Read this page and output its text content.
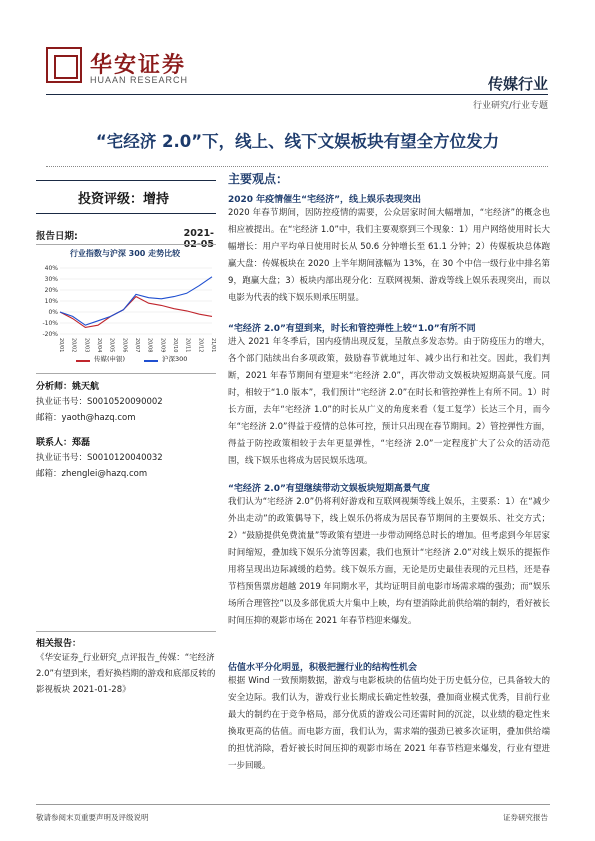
华安证券
HUAAN RESEARCH	传媒行业
行业研究/行业专题
“宅经济 2.0”下，线上、线下文娱板块有望全方位发力
投资评级：增持
报告日期:	2021-
行业指数与沪深 300 走势比较
40%
30%
20%
10%
0%
-10%
-20%
20/01 20/02 20/03 20/04 20/05 20/06 20/07 20/08 20/09 20/10 20/11 20/12 21/01
传媒(申银)	沪深300
分析师：姚天航
执业证书号：S0010520090002
邮箱：yaoth@hazq.com
联系人：郑磊
执业证书号：S0010120040032
邮箱：zhenglei@hazq.com
相关报告：
《华安证券_行业研究_点评报告_传媒：“宅经济 2.0”有望到来，看好换档期的游戏和底部反转的影视板块 2021-01-28》
主要观点：
2020 年疫情催生“宅经济”，线上娱乐表现突出
2020 年春节期间，因防控疫情的需要，公众居家时间大幅增加，“宅经济”的概念也相应被提出。在“宅经济 1.0”中，我们主要观察到三个现象：1）用户网络使用时长大幅增长：用户平均单日使用时长从 50.6 分钟增长至 61.1 分钟；2）传媒板块总体跑赢大盘：传媒板块在 2020 上半年期间涨幅为 13%，在 30 个中信一级行业中排名第 9，跑赢大盘；3）板块内部出现分化：互联网视频、游戏等线上娱乐表现突出，而以电影为代表的线下娱乐则承压明显。
“宅经济 2.0”有望到来，时长和管控弹性上较“1.0”有所不同
进入 2021 年冬季后，国内疫情出现反复，呈散点多发态势。由于防疫压力的增大，各个部门陆续出台多项政策，鼓励春节就地过年、减少出行和社交。因此，我们判断，2021 年春节期间有望迎来“宅经济 2.0”，再次带动文娱板块短期高景气度。同时，相较于“1.0 版本”，我们预计“宅经济 2.0”在时长和管控弹性上有所不同。1）时长方面，去年“宅经济 1.0”的时长从广义的角度来看（复工复学）长达三个月，而今年“宅经济 2.0”得益于疫情的总体可控，预计只出现在春节期间。2）管控弹性方面，得益于防控政策相较于去年更显弹性，“宅经济 2.0”一定程度扩大了公众的活动范围，线下娱乐也将成为居民娱乐选项。
“宅经济 2.0”有望继续带动文娱板块短期高景气度
我们认为“宅经济 2.0”仍将利好游戏和互联网视频等线上娱乐，主要系：1）在“减少外出走动”的政策偶导下，线上娱乐仍将成为居民春节期间的主要娱乐、社交方式；2）“鼓励提供免费流量”等政策有望进一步带动网络总时长的增加。但考虑到今年居家时间缩短，叠加线下娱乐分流等因素，我们也预计“宅经济 2.0”对线上娱乐的提振作用将呈现出边际减缓的趋势。线下娱乐方面，无论是历史最佳表现的元旦档，还是春节档预售票房超越 2019 年同期水平，其均证明目前电影市场需求端的强劲；而“娱乐场所合理管控”以及多部优质大片集中上映，均有望消除此前供给端的制约，看好被长时间压抑的观影市场在 2021 年春节档迎来爆发。
估值水平分化明显，积极把握行业的结构性机会
根据 Wind 一致预期数据，游戏与电影板块的估值均处于历史低分位，已具备较大的安全边际。我们认为，游戏行业长期成长确定性较强，叠加商业模式优秀，目前行业最大的制约在于竞争格局，部分优质的游戏公司还需时间的沉淀，以业绩的稳定性来換取更高的估值。而电影方面，我们认为，需求端的强劲已被多次证明，叠加供给端的担忧消除，看好被长时间压抑的观影市场在 2021 年春节档迎来爆发，行业有望进一步回暖。
敬请参阅末页重要声明及评级说明	证券研究报告
